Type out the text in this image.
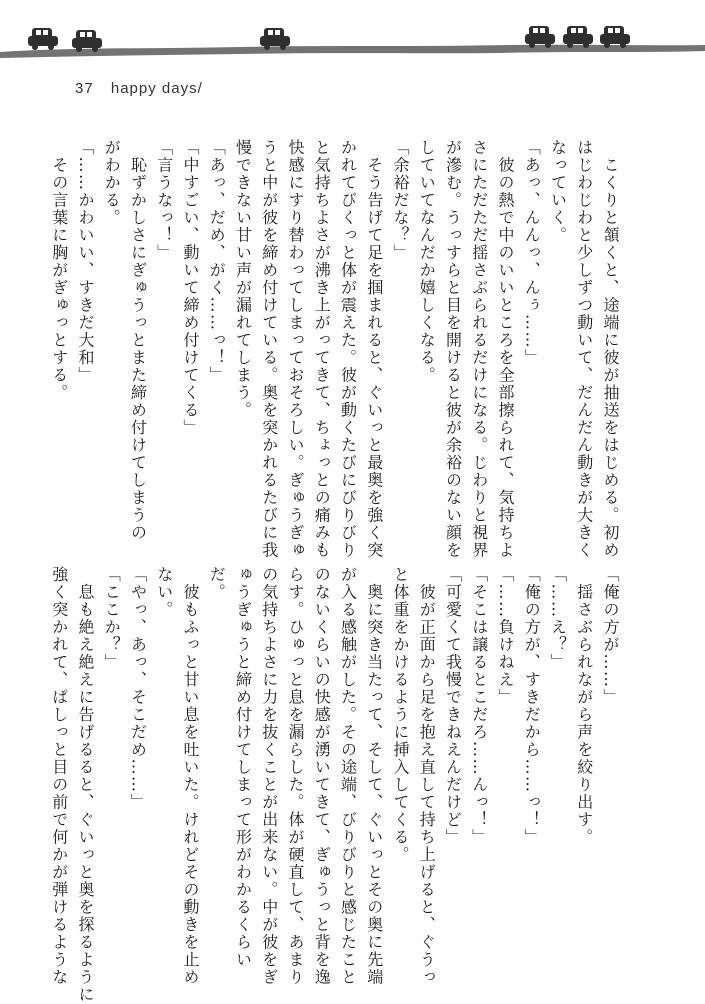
37 happy days/
　こくりと頷くと、途端に彼が抽送をはじめる。初め
はじわじわと少しずつ動いて、だんだん動きが大きく
なっていく。
「あっ、んんっ、んぅ……」
　彼の熱で中のいいところを全部擦られて、気持ちよ
さにただただ揺さぶられるだけになる。じわりと視界
が滲む。うっすらと目を開けると彼が余裕のない顔を
していてなんだか嬉しくなる。
「余裕だな？」
　そう告げて足を掴まれると、ぐいっと最奥を強く突
かれてびくっと体が震えた。彼が動くたびにびりびり
と気持ちよさが沸き上がってきて、ちょっとの痛みも
快感にすり替わってしまっておそろしい。ぎゅうぎゅ
うと中が彼を締め付けている。奥を突かれるたびに我
慢できない甘い声が漏れてしまう。
「あっ、だめ、がく……っ！」
「中すごい、動いて締め付けてくる」
「言うなっ！」
　恥ずかしさにぎゅうっとまた締め付けてしまうの
がわかる。
「……かわいい、すきだ大和」
　その言葉に胸がぎゅっとする。
「俺の方が……」
　揺さぶられながら声を絞り出す。
「……え？」
「俺の方が、すきだから……っ！」
「……負けねえ」
「そこは譲るとこだろ……んっ！」
「可愛くて我慢できねえんだけど」
　彼が正面から足を抱え直して持ち上げると、ぐうっ
と体重をかけるように挿入してくる。
　奥に突き当たって、そして、ぐいっとその奥に先端
が入る感触がした。その途端、びりびりと感じたこと
のないくらいの快感が湧いてきて、ぎゅうっと背を逸
らす。ひゅっと息を漏らした。体が硬直して、あまり
の気持ちよさに力を抜くことが出来ない。中が彼をぎ
ゅうぎゅうと締め付けてしまって形がわかるくらい
だ。
　彼もふっと甘い息を吐いた。けれどその動きを止め
ない。
「やっ、あっ、そこだめ……」
「ここか？」
　息も絶え絶えに告げるると、ぐいっと奥を探るように
強く突かれて、ぱしっと目の前で何かが弾けるような
